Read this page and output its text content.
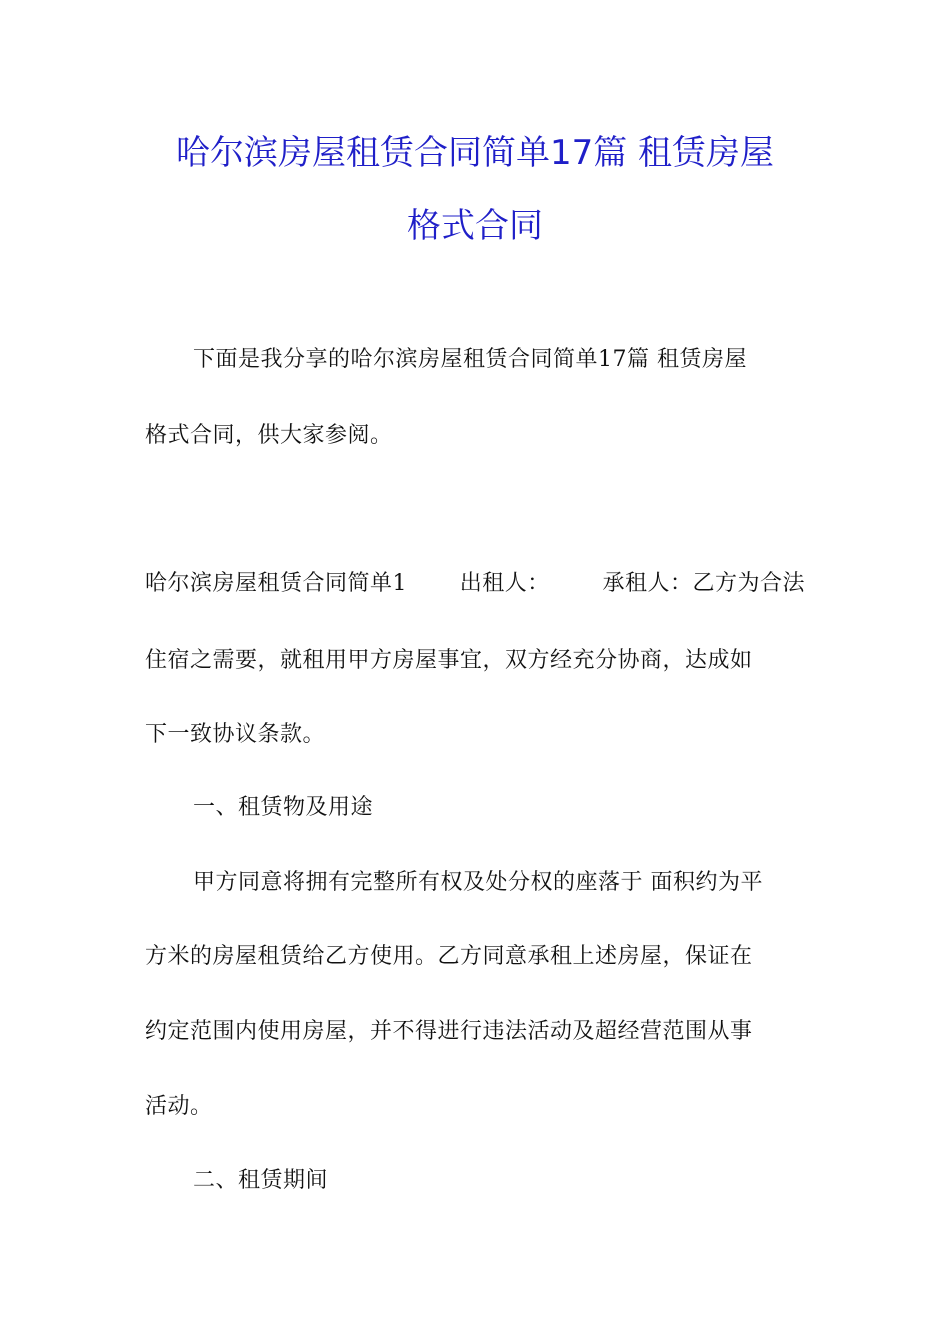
哈尔滨房屋租赁合同简单17篇 租赁房屋
格式合同

下面是我分享的哈尔滨房屋租赁合同简单17篇 租赁房屋

格式合同，供大家参阅。

哈尔滨房屋租赁合同简单1 出租人： 承租人：乙方为合法

住宿之需要，就租用甲方房屋事宜，双方经充分协商，达成如

下一致协议条款。

一、租赁物及用途

甲方同意将拥有完整所有权及处分权的座落于 面积约为平

方米的房屋租赁给乙方使用。乙方同意承租上述房屋，保证在

约定范围内使用房屋，并不得进行违法活动及超经营范围从事

活动。

二、租赁期间
